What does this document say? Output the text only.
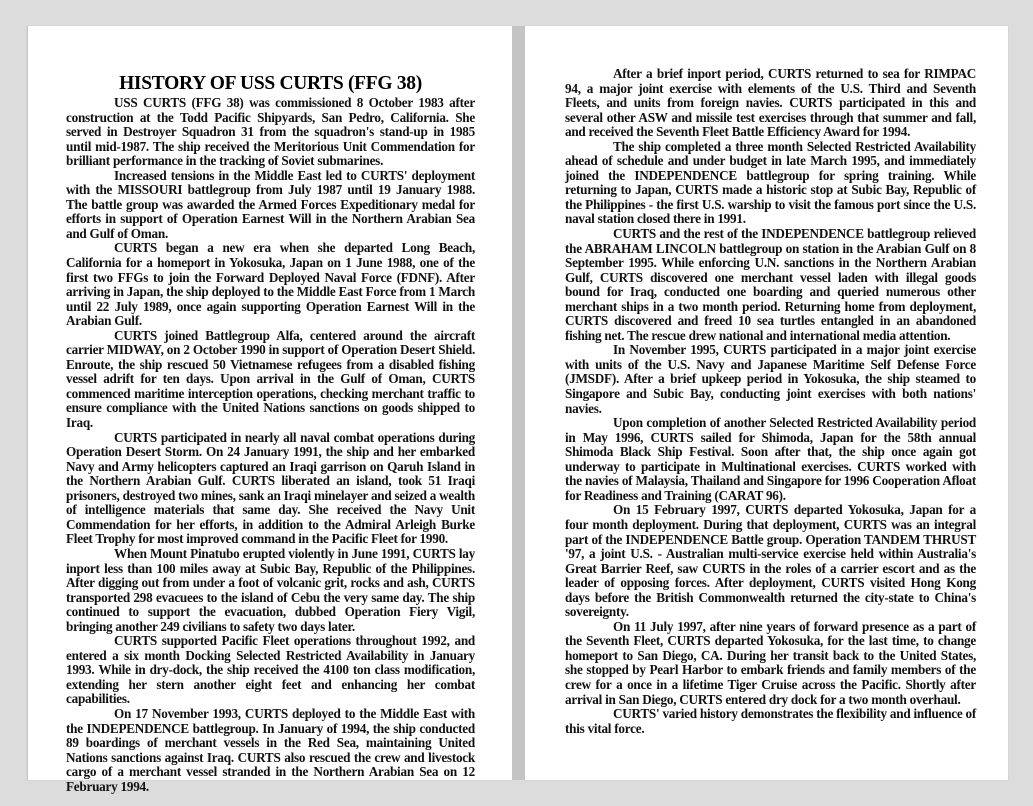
HISTORY OF USS CURTS (FFG 38)

USS CURTS (FFG 38) was commissioned 8 October 1983 after construction at the Todd Pacific Shipyards, San Pedro, California. She served in Destroyer Squadron 31 from the squadron's stand-up in 1985 until mid-1987. The ship received the Meritorious Unit Commendation for brilliant performance in the tracking of Soviet submarines.

Increased tensions in the Middle East led to CURTS' deployment with the MISSOURI battlegroup from July 1987 until 19 January 1988. The battle group was awarded the Armed Forces Expeditionary medal for efforts in support of Operation Earnest Will in the Northern Arabian Sea and Gulf of Oman.

CURTS began a new era when she departed Long Beach, California for a homeport in Yokosuka, Japan on 1 June 1988, one of the first two FFGs to join the Forward Deployed Naval Force (FDNF). After arriving in Japan, the ship deployed to the Middle East Force from 1 March until 22 July 1989, once again supporting Operation Earnest Will in the Arabian Gulf.

CURTS joined Battlegroup Alfa, centered around the aircraft carrier MIDWAY, on 2 October 1990 in support of Operation Desert Shield. Enroute, the ship rescued 50 Vietnamese refugees from a disabled fishing vessel adrift for ten days. Upon arrival in the Gulf of Oman, CURTS commenced maritime interception operations, checking merchant traffic to ensure compliance with the United Nations sanctions on goods shipped to Iraq.

CURTS participated in nearly all naval combat operations during Operation Desert Storm. On 24 January 1991, the ship and her embarked Navy and Army helicopters captured an Iraqi garrison on Qaruh Island in the Northern Arabian Gulf. CURTS liberated an island, took 51 Iraqi prisoners, destroyed two mines, sank an Iraqi minelayer and seized a wealth of intelligence materials that same day. She received the Navy Unit Commendation for her efforts, in addition to the Admiral Arleigh Burke Fleet Trophy for most improved command in the Pacific Fleet for 1990.

When Mount Pinatubo erupted violently in June 1991, CURTS lay inport less than 100 miles away at Subic Bay, Republic of the Philippines. After digging out from under a foot of volcanic grit, rocks and ash, CURTS transported 298 evacuees to the island of Cebu the very same day. The ship continued to support the evacuation, dubbed Operation Fiery Vigil, bringing another 249 civilians to safety two days later.

CURTS supported Pacific Fleet operations throughout 1992, and entered a six month Docking Selected Restricted Availability in January 1993. While in dry-dock, the ship received the 4100 ton class modification, extending her stern another eight feet and enhancing her combat capabilities.

On 17 November 1993, CURTS deployed to the Middle East with the INDEPENDENCE battlegroup. In January of 1994, the ship conducted 89 boardings of merchant vessels in the Red Sea, maintaining United Nations sanctions against Iraq. CURTS also rescued the crew and livestock cargo of a merchant vessel stranded in the Northern Arabian Sea on 12 February 1994.

After a brief inport period, CURTS returned to sea for RIMPAC 94, a major joint exercise with elements of the U.S. Third and Seventh Fleets, and units from foreign navies. CURTS participated in this and several other ASW and missile test exercises through that summer and fall, and received the Seventh Fleet Battle Efficiency Award for 1994.

The ship completed a three month Selected Restricted Availability ahead of schedule and under budget in late March 1995, and immediately joined the INDEPENDENCE battlegroup for spring training. While returning to Japan, CURTS made a historic stop at Subic Bay, Republic of the Philippines - the first U.S. warship to visit the famous port since the U.S. naval station closed there in 1991.

CURTS and the rest of the INDEPENDENCE battlegroup relieved the ABRAHAM LINCOLN battlegroup on station in the Arabian Gulf on 8 September 1995. While enforcing U.N. sanctions in the Northern Arabian Gulf, CURTS discovered one merchant vessel laden with illegal goods bound for Iraq, conducted one boarding and queried numerous other merchant ships in a two month period. Returning home from deployment, CURTS discovered and freed 10 sea turtles entangled in an abandoned fishing net. The rescue drew national and international media attention.

In November 1995, CURTS participated in a major joint exercise with units of the U.S. Navy and Japanese Maritime Self Defense Force (JMSDF). After a brief upkeep period in Yokosuka, the ship steamed to Singapore and Subic Bay, conducting joint exercises with both nations' navies.

Upon completion of another Selected Restricted Availability period in May 1996, CURTS sailed for Shimoda, Japan for the 58th annual Shimoda Black Ship Festival. Soon after that, the ship once again got underway to participate in Multinational exercises. CURTS worked with the navies of Malaysia, Thailand and Singapore for 1996 Cooperation Afloat for Readiness and Training (CARAT 96).

On 15 February 1997, CURTS departed Yokosuka, Japan for a four month deployment. During that deployment, CURTS was an integral part of the INDEPENDENCE Battle group. Operation TANDEM THRUST '97, a joint U.S. - Australian multi-service exercise held within Australia's Great Barrier Reef, saw CURTS in the roles of a carrier escort and as the leader of opposing forces. After deployment, CURTS visited Hong Kong days before the British Commonwealth returned the city-state to China's sovereignty.

On 11 July 1997, after nine years of forward presence as a part of the Seventh Fleet, CURTS departed Yokosuka, for the last time, to change homeport to San Diego, CA. During her transit back to the United States, she stopped by Pearl Harbor to embark friends and family members of the crew for a once in a lifetime Tiger Cruise across the Pacific. Shortly after arrival in San Diego, CURTS entered dry dock for a two month overhaul.

CURTS' varied history demonstrates the flexibility and influence of this vital force.
